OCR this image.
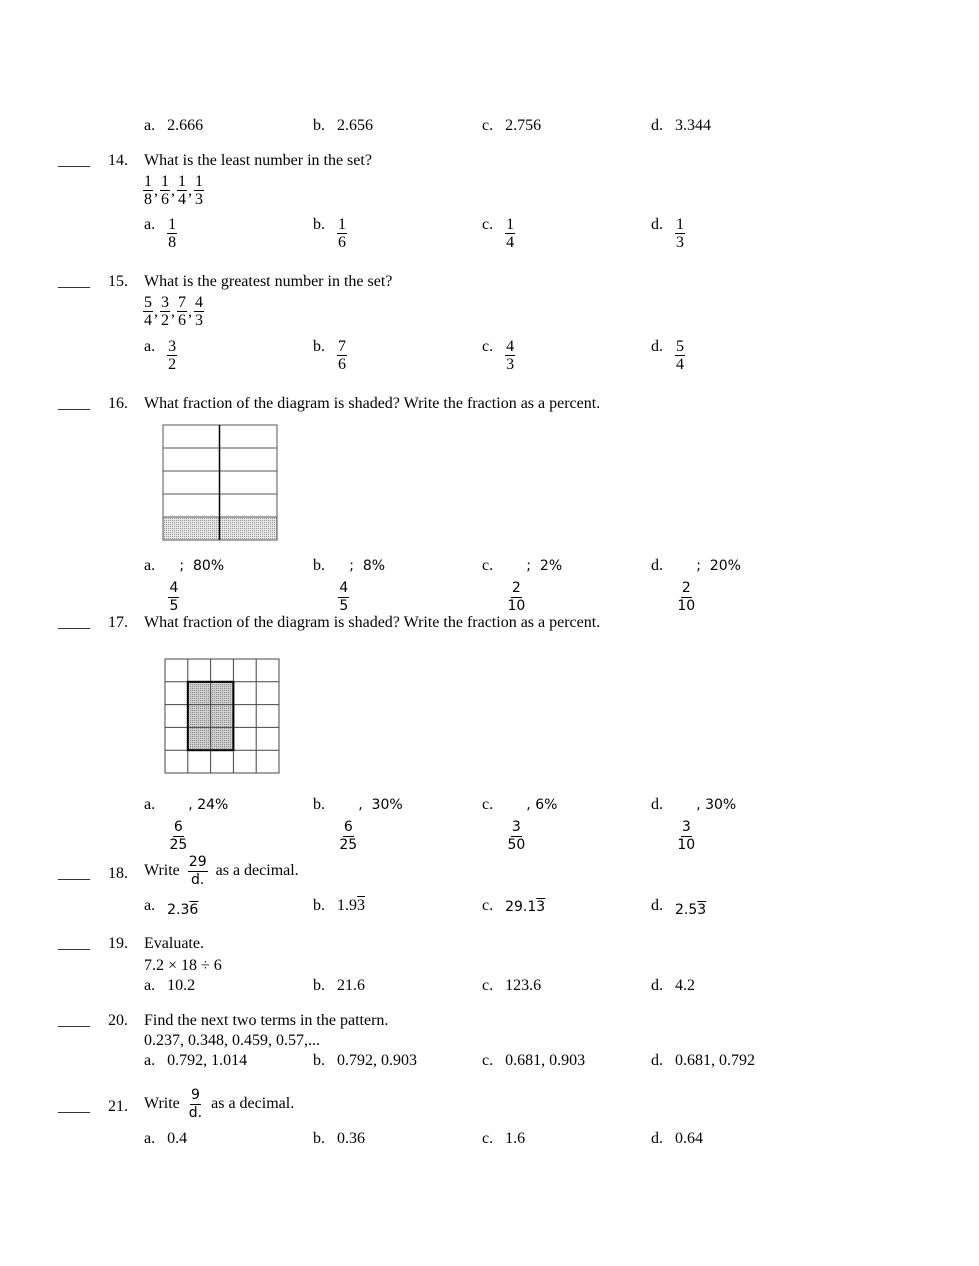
a. 2.666	b. 2.656	c. 2.756	d. 3.344
____ 14. What is the least number in the set?
$\frac{1}{8}$ , $\frac{1}{6}$ , $\frac{1}{4}$ , $\frac{1}{3}$
a. $\frac{1}{8}$	b. $\frac{1}{6}$	c. $\frac{1}{4}$	d. $\frac{1}{3}$
____ 15. What is the greatest number in the set?
$\frac{5}{4}$ , $\frac{3}{2}$ , $\frac{7}{6}$ , $\frac{4}{3}$
a. $\frac{3}{2}$	b. $\frac{7}{6}$	c. $\frac{4}{3}$	d. $\frac{5}{4}$
____ 16. What fraction of the diagram is shaded? Write the fraction as a percent.
a.
$\frac{4}{5}$
;  80%	b.
$\frac{4}{5}$
;  8%	c.
$\frac{2}{10}$
;  2%	d.
$\frac{2}{10}$
;  20%
____ 17. What fraction of the diagram is shaded? Write the fraction as a percent.
a.
$\frac{6}{25}$
, 24%	b.
$\frac{6}{25}$
,  30%	c.
$\frac{3}{50}$
, 6%	d.
$\frac{3}{10}$
, 30%
____ 18. Write $\frac{29}{d.}$ as a decimal.
a. 2.36	b. 1.93	c. 29.13	d. 2.53
____ 19. Evaluate.
7.2 × 18 ÷ 6
a. 10.2	b. 21.6	c. 123.6	d. 4.2
____ 20. Find the next two terms in the pattern.
0.237, 0.348, 0.459, 0.57,...
a. 0.792, 1.014	b. 0.792, 0.903	c. 0.681, 0.903	d. 0.681, 0.792
____ 21. Write $\frac{9}{d.}$ as a decimal.
a. 0.4	b. 0.36	c. 1.6	d. 0.64
